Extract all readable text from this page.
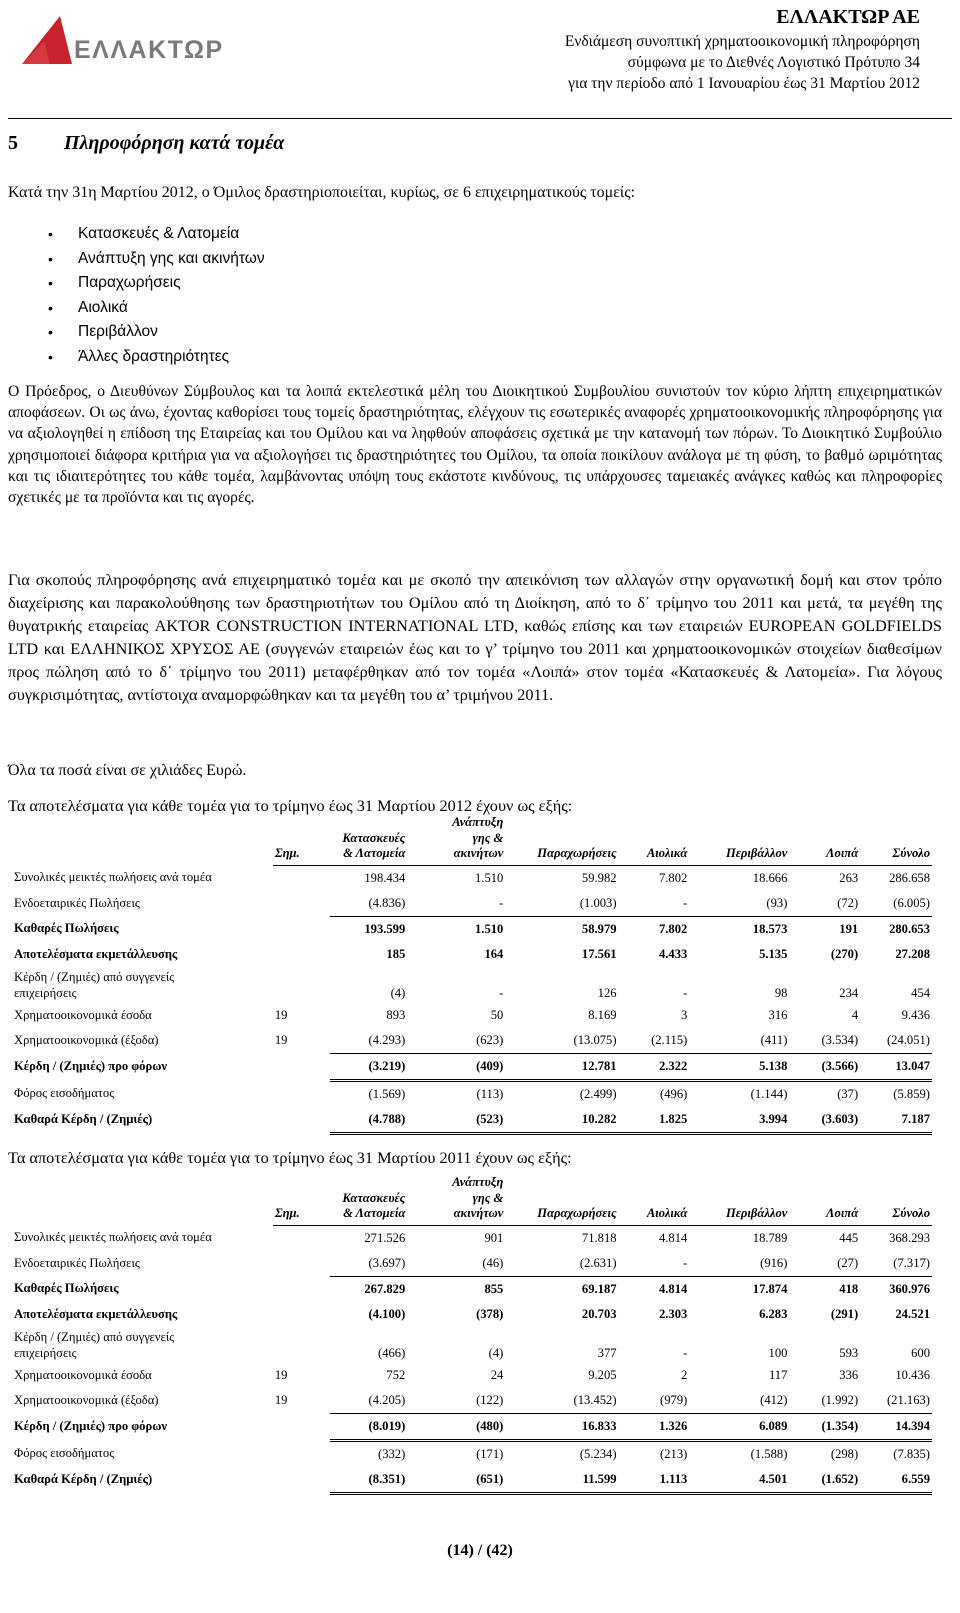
ΕΛΛΑΚΤΩΡ
ΕΛΛΑΚΤΩΡ ΑΕ
Ενδιάμεση συνοπτική χρηματοοικονομική πληροφόρηση
σύμφωνα με το Διεθνές Λογιστικό Πρότυπο 34
για την περίοδο από 1 Ιανουαρίου έως 31 Μαρτίου 2012
5 Πληροφόρηση κατά τομέα
Κατά την 31η Μαρτίου 2012, ο Όμιλος δραστηριοποιείται, κυρίως, σε 6 επιχειρηματικούς τομείς:
• Κατασκευές & Λατομεία
• Ανάπτυξη γης και ακινήτων
• Παραχωρήσεις
• Αιολικά
• Περιβάλλον
• Άλλες δραστηριότητες
Ο Πρόεδρος, ο Διευθύνων Σύμβουλος και τα λοιπά εκτελεστικά μέλη του Διοικητικού Συμβουλίου συνιστούν τον κύριο λήπτη επιχειρηματικών αποφάσεων. Οι ως άνω, έχοντας καθορίσει τους τομείς δραστηριότητας, ελέγχουν τις εσωτερικές αναφορές χρηματοοικονομικής πληροφόρησης για να αξιολογηθεί η επίδοση της Εταιρείας και του Ομίλου και να ληφθούν αποφάσεις σχετικά με την κατανομή των πόρων. Το Διοικητικό Συμβούλιο χρησιμοποιεί διάφορα κριτήρια για να αξιολογήσει τις δραστηριότητες του Ομίλου, τα οποία ποικίλουν ανάλογα με τη φύση, το βαθμό ωριμότητας και τις ιδιαιτερότητες του κάθε τομέα, λαμβάνοντας υπόψη τους εκάστοτε κινδύνους, τις υπάρχουσες ταμειακές ανάγκες καθώς και πληροφορίες σχετικές με τα προϊόντα και τις αγορές.
Για σκοπούς πληροφόρησης ανά επιχειρηματικό τομέα και με σκοπό την απεικόνιση των αλλαγών στην οργανωτική δομή και στον τρόπο διαχείρισης και παρακολούθησης των δραστηριοτήτων του Ομίλου από τη Διοίκηση, από το δ΄ τρίμηνο του 2011 και μετά, τα μεγέθη της θυγατρικής εταιρείας AKTOR CONSTRUCTION INTERNATIONAL LTD, καθώς επίσης και των εταιρειών EUROPEAN GOLDFIELDS LTD και ΕΛΛΗΝΙΚΟΣ ΧΡΥΣΟΣ ΑΕ (συγγενών εταιρειών έως και το γ’ τρίμηνο του 2011 και χρηματοοικονομικών στοιχείων διαθεσίμων προς πώληση από το δ΄ τρίμηνο του 2011) μεταφέρθηκαν από τον τομέα «Λοιπά» στον τομέα «Κατασκευές & Λατομεία». Για λόγους συγκρισιμότητας, αντίστοιχα αναμορφώθηκαν και τα μεγέθη του α’ τριμήνου 2011.
Όλα τα ποσά είναι σε χιλιάδες Ευρώ.
Τα αποτελέσματα για κάθε τομέα για το τρίμηνο έως 31 Μαρτίου 2012 έχουν ως εξής:
	Σημ.	Κατασκευές
& Λατομεία	Ανάπτυξη
γης &
ακινήτων	Παραχωρήσεις	Αιολικά	Περιβάλλον	Λοιπά	Σύνολο
Συνολικές μεικτές πωλήσεις ανά τομέα		198.434	1.510	59.982	7.802	18.666	263	286.658
Ενδοεταιρικές Πωλήσεις		(4.836)	-	(1.003)	-	(93)	(72)	(6.005)
Καθαρές Πωλήσεις		193.599	1.510	58.979	7.802	18.573	191	280.653
Αποτελέσματα εκμετάλλευσης		185	164	17.561	4.433	5.135	(270)	27.208
Κέρδη / (Ζημιές) από συγγενείς
επιχειρήσεις		(4)	-	126	-	98	234	454
Χρηματοοικονομικά έσοδα	19	893	50	8.169	3	316	4	9.436
Χρηματοοικονομικά (έξοδα)	19	(4.293)	(623)	(13.075)	(2.115)	(411)	(3.534)	(24.051)
Κέρδη / (Ζημιές) προ φόρων		(3.219)	(409)	12.781	2.322	5.138	(3.566)	13.047
Φόρος εισοδήματος		(1.569)	(113)	(2.499)	(496)	(1.144)	(37)	(5.859)
Καθαρά Κέρδη / (Ζημιές)		(4.788)	(523)	10.282	1.825	3.994	(3.603)	7.187
Τα αποτελέσματα για κάθε τομέα για το τρίμηνο έως 31 Μαρτίου 2011 έχουν ως εξής:
	Σημ.	Κατασκευές
& Λατομεία	Ανάπτυξη
γης &
ακινήτων	Παραχωρήσεις	Αιολικά	Περιβάλλον	Λοιπά	Σύνολο
Συνολικές μεικτές πωλήσεις ανά τομέα		271.526	901	71.818	4.814	18.789	445	368.293
Ενδοεταιρικές Πωλήσεις		(3.697)	(46)	(2.631)	-	(916)	(27)	(7.317)
Καθαρές Πωλήσεις		267.829	855	69.187	4.814	17.874	418	360.976
Αποτελέσματα εκμετάλλευσης		(4.100)	(378)	20.703	2.303	6.283	(291)	24.521
Κέρδη / (Ζημιές) από συγγενείς
επιχειρήσεις		(466)	(4)	377	-	100	593	600
Χρηματοοικονομικά έσοδα	19	752	24	9.205	2	117	336	10.436
Χρηματοοικονομικά (έξοδα)	19	(4.205)	(122)	(13.452)	(979)	(412)	(1.992)	(21.163)
Κέρδη / (Ζημιές) προ φόρων		(8.019)	(480)	16.833	1.326	6.089	(1.354)	14.394
Φόρος εισοδήματος		(332)	(171)	(5.234)	(213)	(1.588)	(298)	(7.835)
Καθαρά Κέρδη / (Ζημιές)		(8.351)	(651)	11.599	1.113	4.501	(1.652)	6.559
(14) / (42)
